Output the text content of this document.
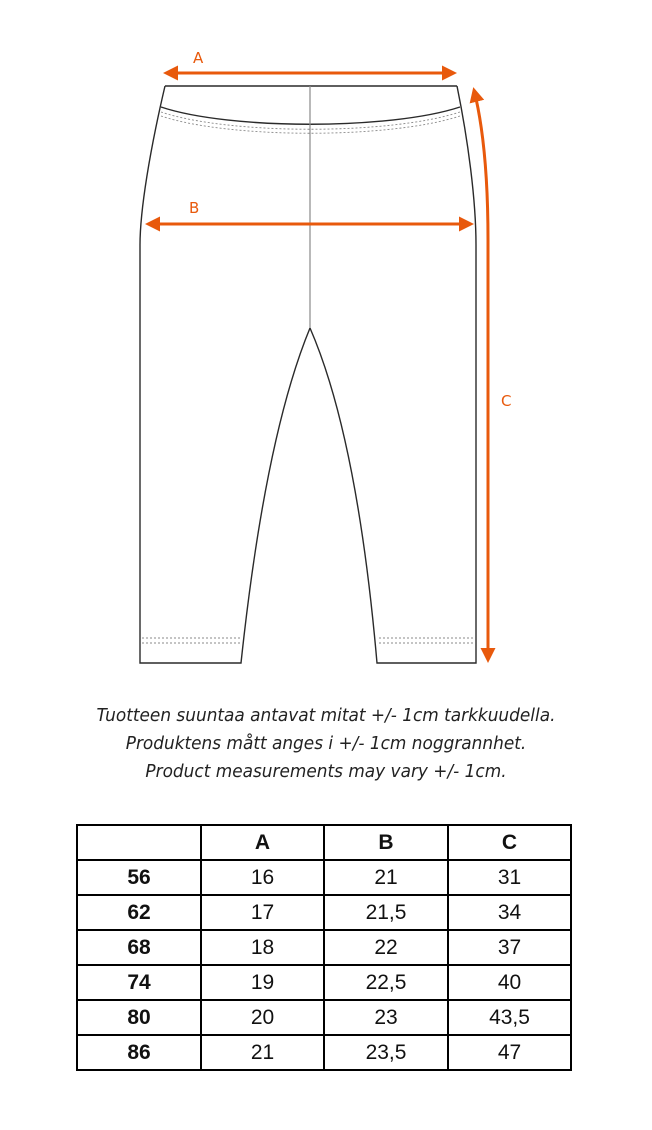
A
B
C

Tuotteen suuntaa antavat mitat +/- 1cm tarkkuudella.

Produktens mått anges i +/- 1cm noggrannhet.

Product measurements may vary +/- 1cm.

	A	B	C
56	16	21	31
62	17	21,5	34
68	18	22	37
74	19	22,5	40
80	20	23	43,5
86	21	23,5	47
